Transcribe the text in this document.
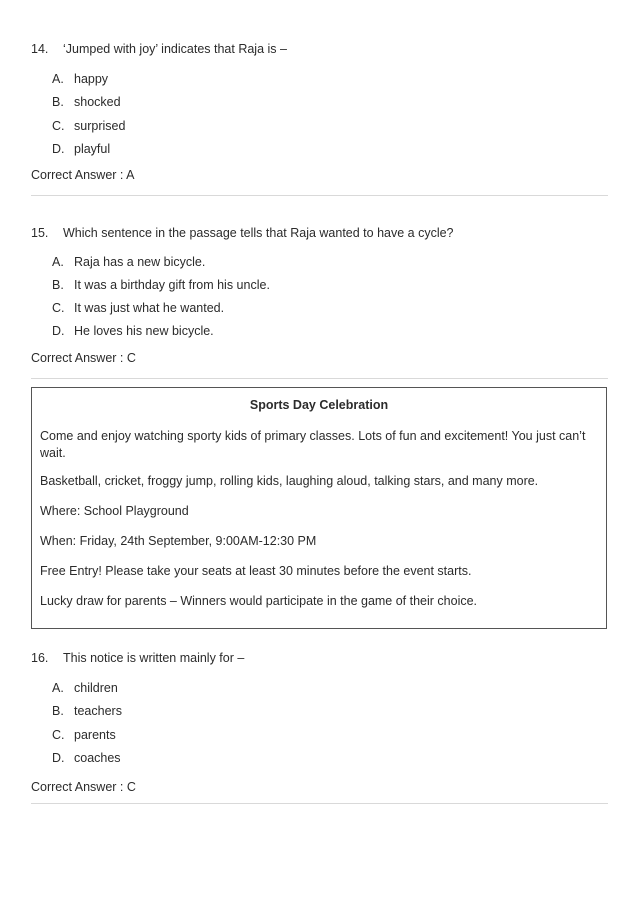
14. ‘Jumped with joy’ indicates that Raja is –
A. happy
B. shocked
C. surprised
D. playful
Correct Answer : A
15. Which sentence in the passage tells that Raja wanted to have a cycle?
A. Raja has a new bicycle.
B. It was a birthday gift from his uncle.
C. It was just what he wanted.
D. He loves his new bicycle.
Correct Answer : C
Sports Day Celebration
Come and enjoy watching sporty kids of primary classes. Lots of fun and excitement! You just can’t wait.
Basketball, cricket, froggy jump, rolling kids, laughing aloud, talking stars, and many more.
Where: School Playground
When: Friday, 24th September, 9:00AM-12:30 PM
Free Entry! Please take your seats at least 30 minutes before the event starts.
Lucky draw for parents – Winners would participate in the game of their choice.
16. This notice is written mainly for –
A. children
B. teachers
C. parents
D. coaches
Correct Answer : C
